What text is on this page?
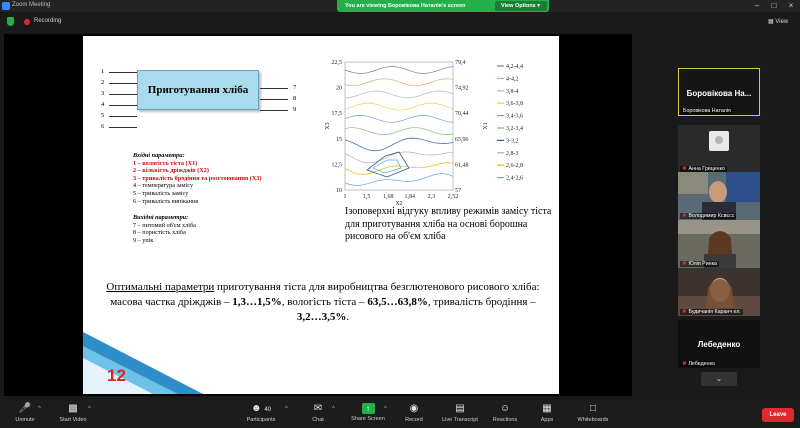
Zoom Meeting	You are viewing Боровікова Наталія's screen	View Options ▾	–	□	×
Recording	▦ View
1
2
3
4
5
6
Приготування хліба	7
8
9
Вхідні параметри:
1 – вологість тіста (Х1)
2 – кількість дріжджів (Х2)
3 – тривалість бродіння та розстоювання (Х3)
4 – температура замісу
5 – тривалість замісу
6 – тривалість випікання
Вихідні параметри:
7 – питомий об'єм хліба
8 – пористість хліба
9 – упік
10
12,5
15
17,5
20
22,5
57
61,48
65,96
70,44
74,92
79,4
1	1,5 1,68 1,84 2,3 2,52
X2
X3	X1
4,2-4,4
4-4,2
3,8-4
3,6-3,8
3,4-3,6
3,2-3,4
3-3,2
2,8-3
2,6-2,8
2,4-2,6
Ізоповерхні відгуку впливу режимів замісу тіста для приготування хліба на основі борошна рисового на об'єм хліба
Оптимальні параметри приготування тіста для виробництва безглютенового рисового хліба:
масова частка дріжджів – 1,3…1,5%, вологість тіста – 63,5…63,8%, тривалість бродіння – 3,2…3,5%.
12
Боровікова На...
Боровікова Наталія
✖ Анна Гриценко
✖ Володимир Ксвєсс
✖ Юлія Ринка
✖ Будичанія Каранч ел.
Лебеденко
✖ Лебеденко
⌄
🎤
Unmute
^	▩
Start Video
^	☻ 40
Participants
^	✉
Chat
^	↑
Share Screen
^	◉
Record
▤
Live Transcript
☺
Reactions
▦
Apps
□
Whiteboards
Leave
